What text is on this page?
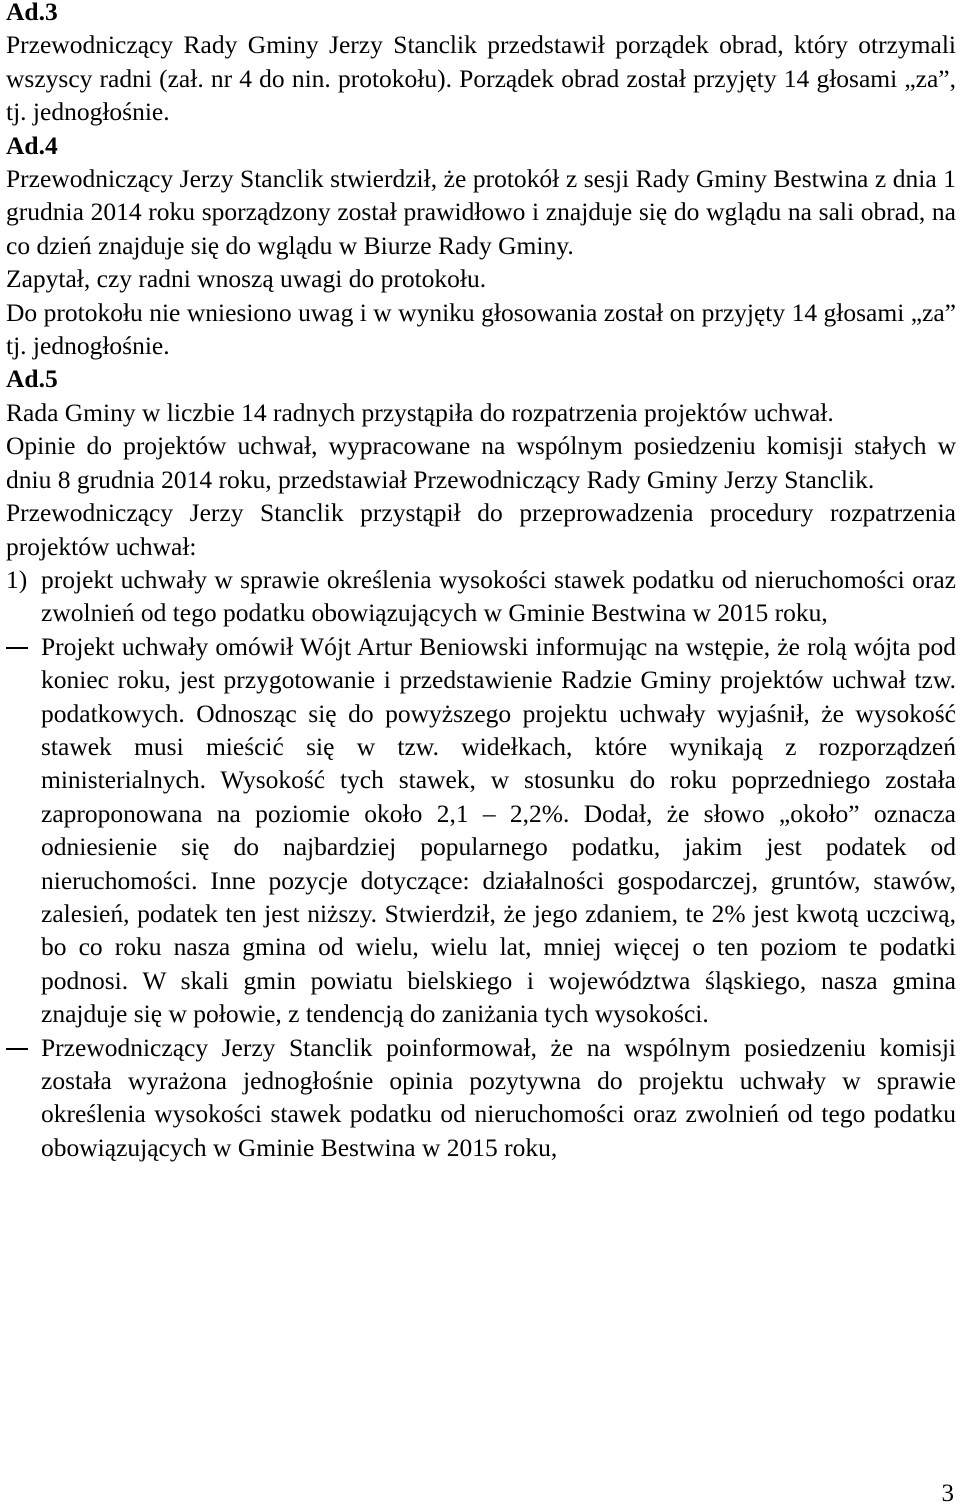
Ad.3

Przewodniczący Rady Gminy Jerzy Stanclik przedstawił porządek obrad, który otrzymali wszyscy radni (zał. nr 4 do nin. protokołu). Porządek obrad został przyjęty 14 głosami „za”, tj. jednogłośnie.

Ad.4

Przewodniczący Jerzy Stanclik stwierdził, że protokół z sesji Rady Gminy Bestwina z dnia 1 grudnia 2014 roku sporządzony został prawidłowo i znajduje się do wglądu na sali obrad, na co dzień znajduje się do wglądu w Biurze Rady Gminy.

Zapytał, czy radni wnoszą uwagi do protokołu.

Do protokołu nie wniesiono uwag i w wyniku głosowania został on przyjęty 14 głosami „za” tj. jednogłośnie.

Ad.5

Rada Gminy w liczbie 14 radnych przystąpiła do rozpatrzenia projektów uchwał.

Opinie do projektów uchwał, wypracowane na wspólnym posiedzeniu komisji stałych w dniu 8 grudnia 2014 roku, przedstawiał Przewodniczący Rady Gminy Jerzy Stanclik.

Przewodniczący Jerzy Stanclik przystąpił do przeprowadzenia procedury rozpatrzenia projektów uchwał:

1) projekt uchwały w sprawie określenia wysokości stawek podatku od nieruchomości oraz zwolnień od tego podatku obowiązujących w Gminie Bestwina w 2015 roku,
Projekt uchwały omówił Wójt Artur Beniowski informując na wstępie, że rolą wójta pod koniec roku, jest przygotowanie i przedstawienie Radzie Gminy projektów uchwał tzw. podatkowych. Odnosząc się do powyższego projektu uchwały wyjaśnił, że wysokość stawek musi mieścić się w tzw. widełkach, które wynikają z rozporządzeń ministerialnych. Wysokość tych stawek, w stosunku do roku poprzedniego została zaproponowana na poziomie około 2,1 – 2,2%. Dodał, że słowo „około” oznacza odniesienie się do najbardziej popularnego podatku, jakim jest podatek od nieruchomości. Inne pozycje dotyczące: działalności gospodarczej, gruntów, stawów, zalesień, podatek ten jest niższy. Stwierdził, że jego zdaniem, te 2% jest kwotą uczciwą, bo co roku nasza gmina od wielu, wielu lat, mniej więcej o ten poziom te podatki podnosi. W skali gmin powiatu bielskiego i województwa śląskiego, nasza gmina znajduje się w połowie, z tendencją do zaniżania tych wysokości.
Przewodniczący Jerzy Stanclik poinformował, że na wspólnym posiedzeniu komisji została wyrażona jednogłośnie opinia pozytywna do projektu uchwały w sprawie określenia wysokości stawek podatku od nieruchomości oraz zwolnień od tego podatku obowiązujących w Gminie Bestwina w 2015 roku,
3
